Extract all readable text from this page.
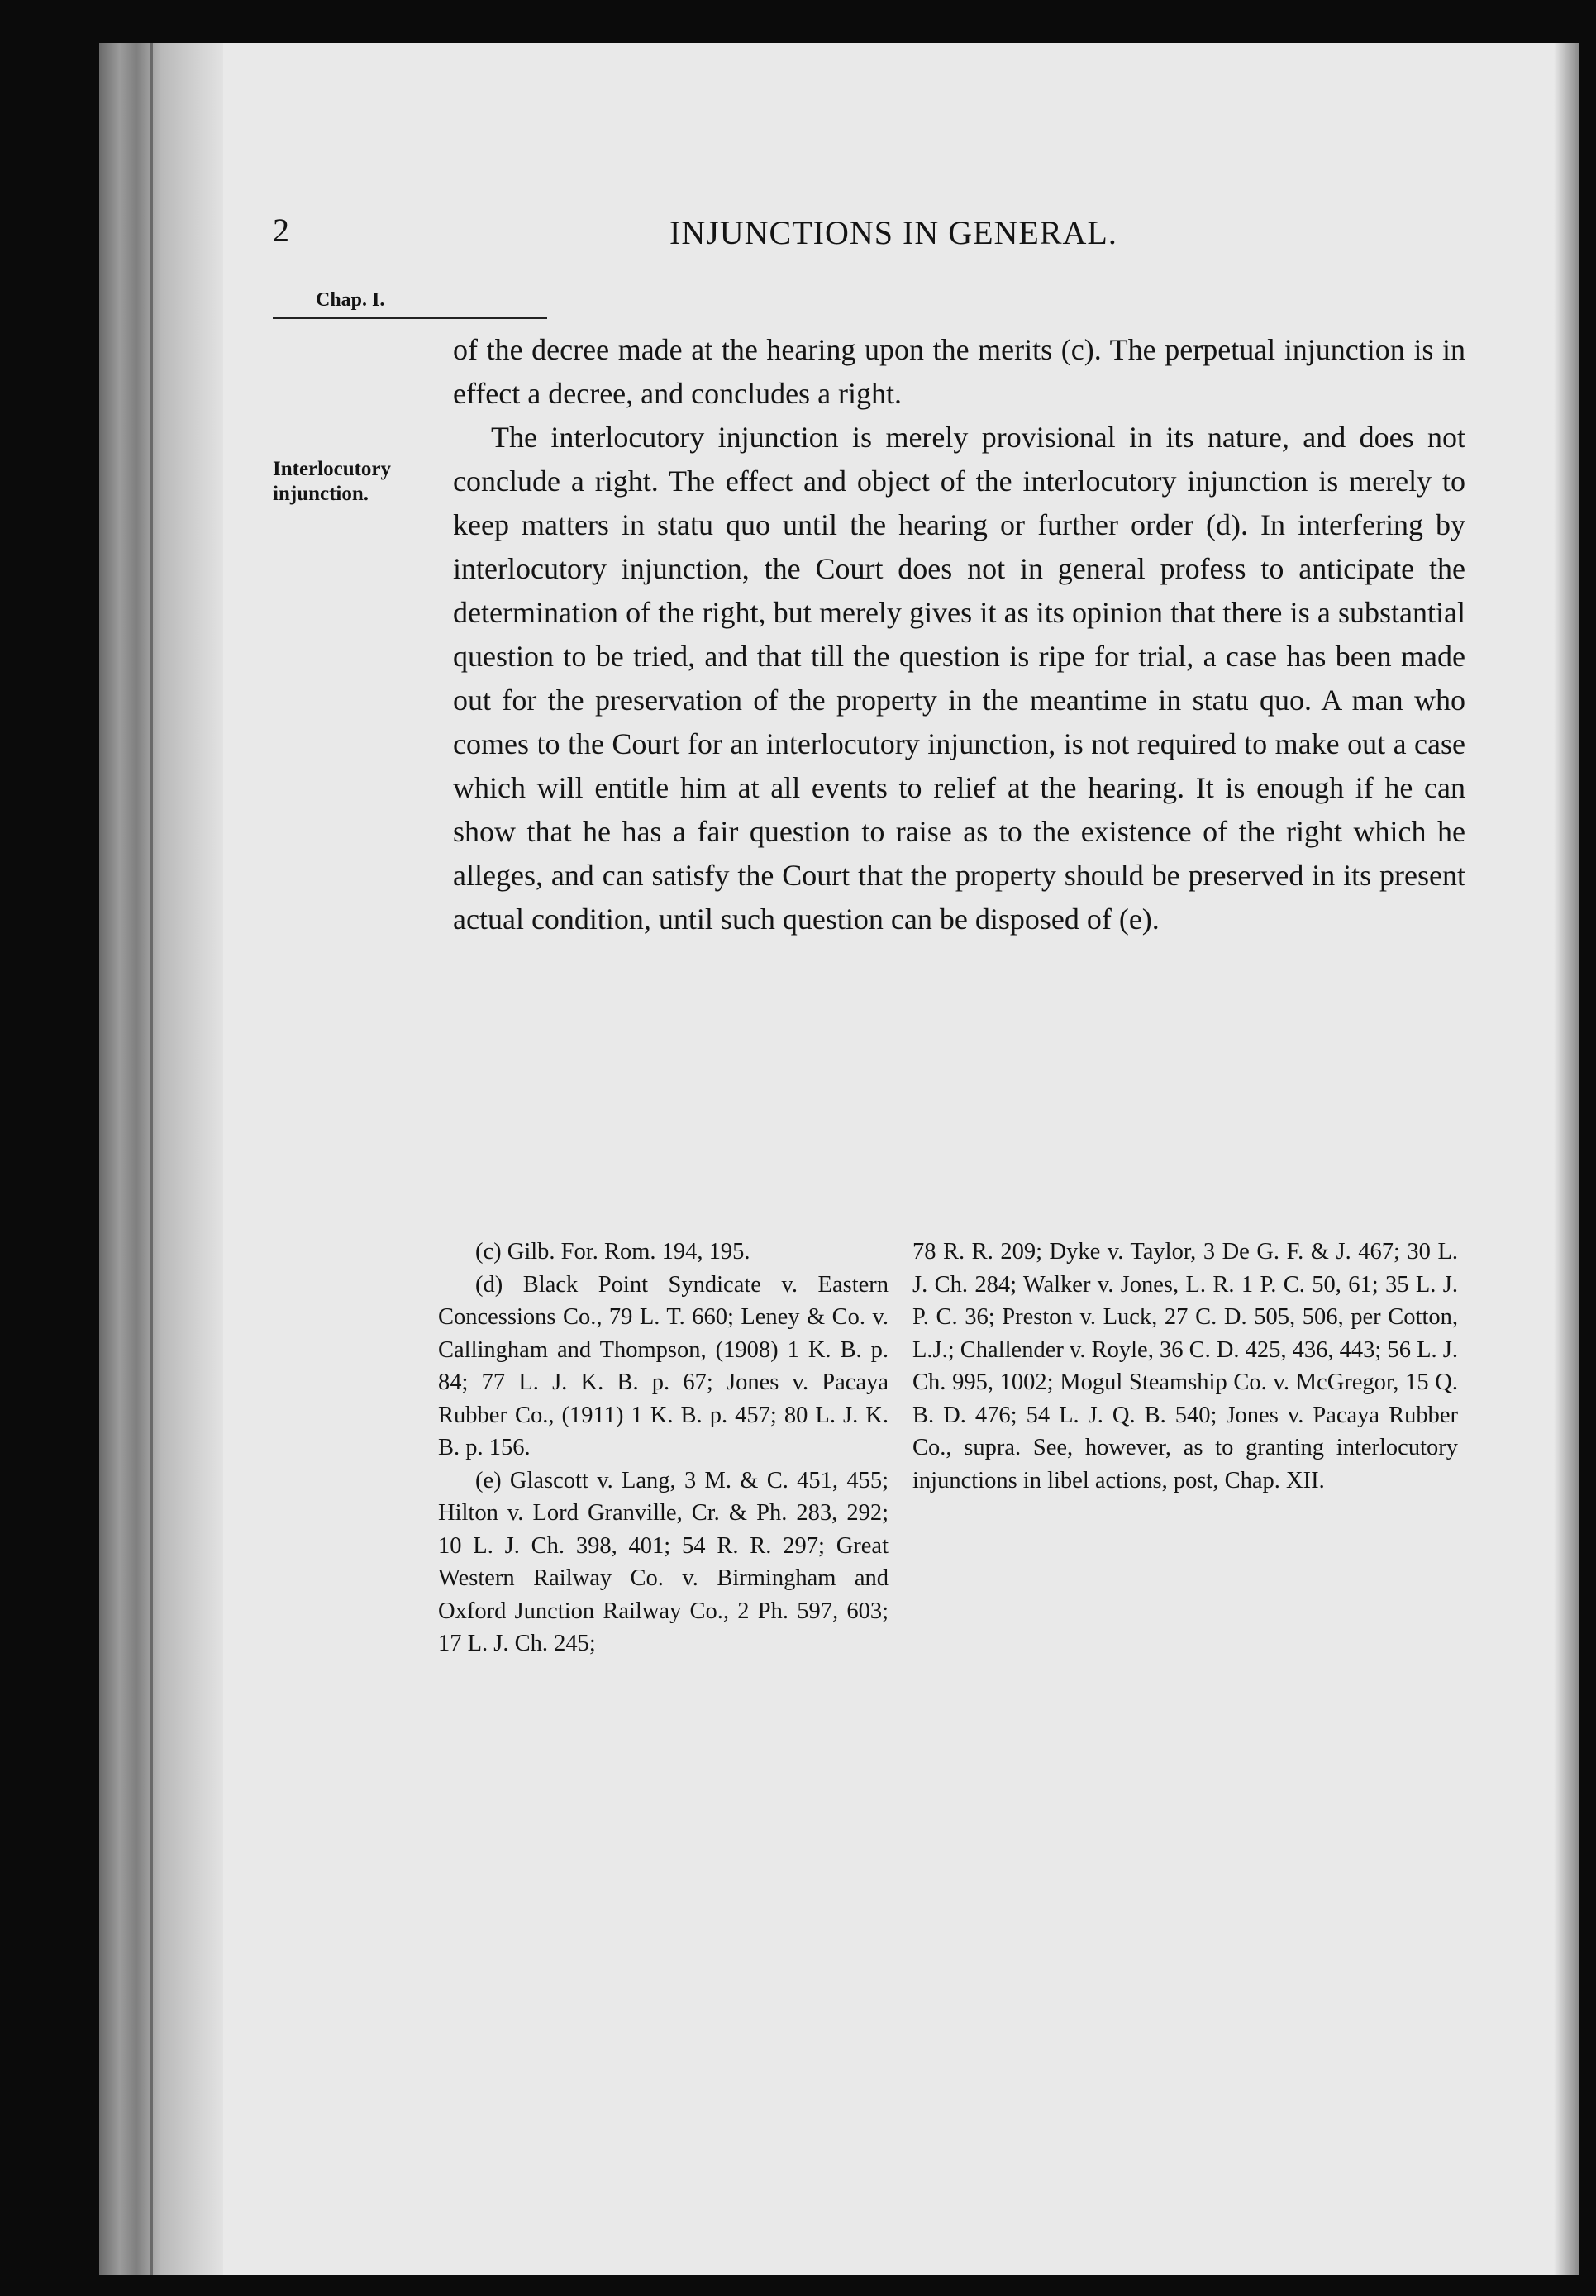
2	INJUNCTIONS IN GENERAL.
Chap. I.
Interlocutory
injunction.

of the decree made at the hearing upon the merits (c). The perpetual injunction is in effect a decree, and concludes a right.

The interlocutory injunction is merely provisional in its nature, and does not conclude a right. The effect and object of the interlocutory injunction is merely to keep matters in statu quo until the hearing or further order (d). In interfering by interlocutory injunction, the Court does not in general profess to anticipate the determination of the right, but merely gives it as its opinion that there is a substantial question to be tried, and that till the question is ripe for trial, a case has been made out for the preservation of the property in the meantime in statu quo. A man who comes to the Court for an interlocutory injunction, is not required to make out a case which will entitle him at all events to relief at the hearing. It is enough if he can show that he has a fair question to raise as to the existence of the right which he alleges, and can satisfy the Court that the property should be preserved in its present actual condition, until such question can be disposed of (e).

(c) Gilb. For. Rom. 194, 195.

(d) Black Point Syndicate v. Eastern Concessions Co., 79 L. T. 660; Leney & Co. v. Callingham and Thompson, (1908) 1 K. B. p. 84; 77 L. J. K. B. p. 67; Jones v. Pacaya Rubber Co., (1911) 1 K. B. p. 457; 80 L. J. K. B. p. 156.

(e) Glascott v. Lang, 3 M. & C. 451, 455; Hilton v. Lord Granville, Cr. & Ph. 283, 292; 10 L. J. Ch. 398, 401; 54 R. R. 297; Great Western Railway Co. v. Birmingham and Oxford Junction Railway Co., 2 Ph. 597, 603; 17 L. J. Ch. 245;

78 R. R. 209; Dyke v. Taylor, 3 De G. F. & J. 467; 30 L. J. Ch. 284; Walker v. Jones, L. R. 1 P. C. 50, 61; 35 L. J. P. C. 36; Preston v. Luck, 27 C. D. 505, 506, per Cotton, L.J.; Challender v. Royle, 36 C. D. 425, 436, 443; 56 L. J. Ch. 995, 1002; Mogul Steamship Co. v. McGregor, 15 Q. B. D. 476; 54 L. J. Q. B. 540; Jones v. Pacaya Rubber Co., supra. See, however, as to granting interlocutory injunctions in libel actions, post, Chap. XII.
